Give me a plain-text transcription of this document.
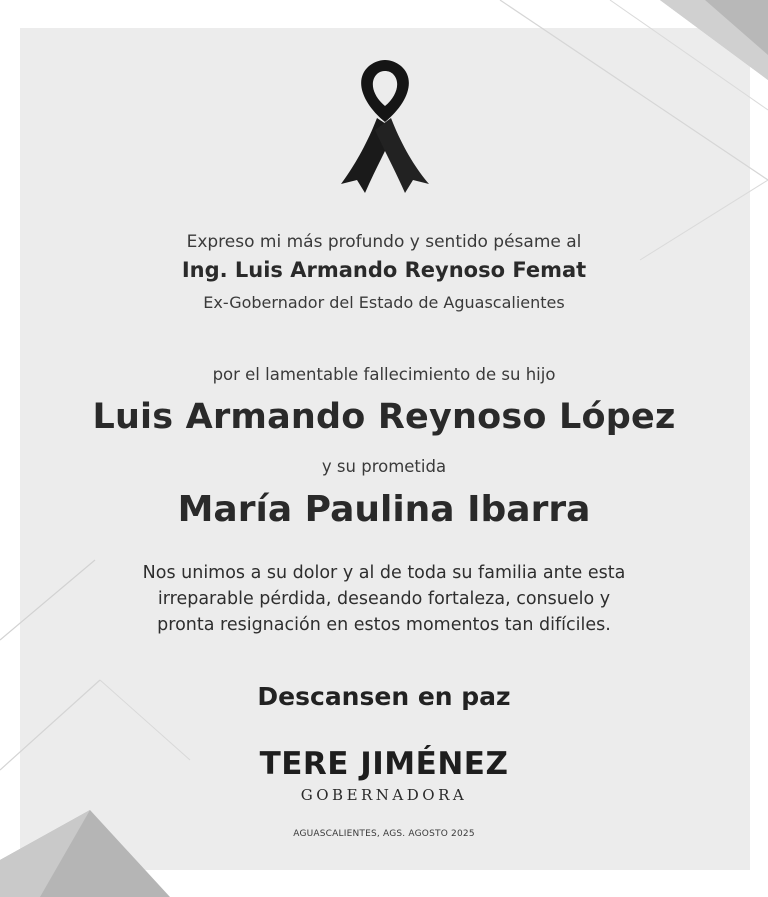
Expreso mi más profundo y sentido pésame al
Ing. Luis Armando Reynoso Femat
Ex-Gobernador del Estado de Aguascalientes
por el lamentable fallecimiento de su hijo
Luis Armando Reynoso López
y su prometida
María Paulina Ibarra
Nos unimos a su dolor y al de toda su familia ante esta
irreparable pérdida, deseando fortaleza, consuelo y
pronta resignación en estos momentos tan difíciles.
Descansen en paz
TERE JIMÉNEZ
GOBERNADORA
AGUASCALIENTES, AGS. AGOSTO 2025
